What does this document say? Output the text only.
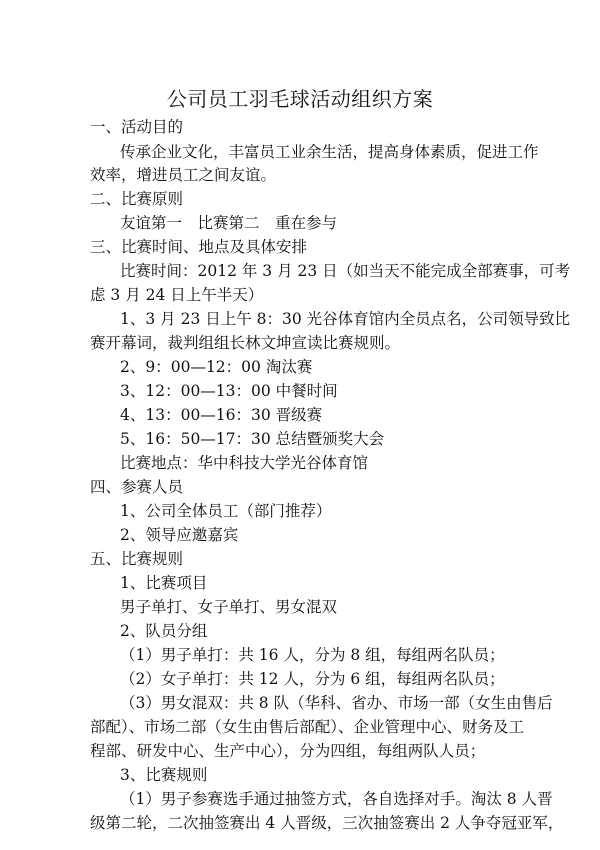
公司员工羽毛球活动组织方案
一、活动目的
传承企业文化，丰富员工业余生活，提高身体素质，促进工作
效率，增进员工之间友谊。
二、比赛原则
友谊第一　比赛第二　重在参与
三、比赛时间、地点及具体安排
比赛时间：2012 年 3 月 23 日（如当天不能完成全部赛事，可考
虑 3 月 24 日上午半天）
1、3 月 23 日上午 8：30 光谷体育馆内全员点名，公司领导致比
赛开幕词，裁判组组长林文坤宣读比赛规则。
2、9：00—12：00 淘汰赛
3、12：00—13：00 中餐时间
4、13：00—16：30 晋级赛
5、16：50—17：30 总结暨颁奖大会
比赛地点：华中科技大学光谷体育馆
四、参赛人员
1、公司全体员工（部门推荐）
2、领导应邀嘉宾
五、比赛规则
1、比赛项目
男子单打、女子单打、男女混双
2、队员分组
（1）男子单打：共 16 人，分为 8 组，每组两名队员；
（2）女子单打：共 12 人，分为 6 组，每组两名队员；
（3）男女混双：共 8 队（华科、省办、市场一部（女生由售后
部配）、市场二部（女生由售后部配）、企业管理中心、财务及工
程部、研发中心、生产中心），分为四组，每组两队人员；
3、比赛规则
（1）男子参赛选手通过抽签方式，各自选择对手。淘汰 8 人晋
级第二轮，二次抽签赛出 4 人晋级，三次抽签赛出 2 人争夺冠亚军，
